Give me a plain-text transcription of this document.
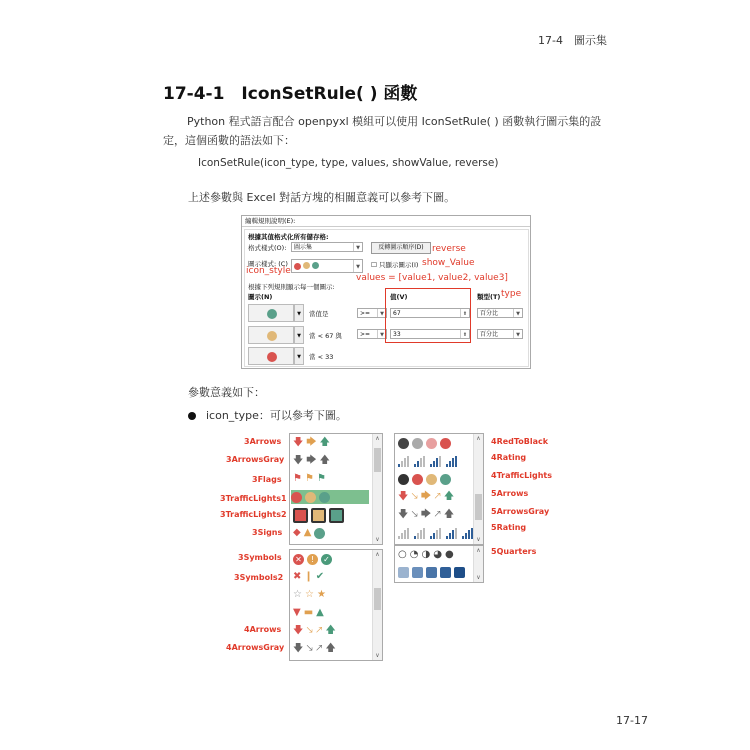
17-4　圖示集
17-4-1　IconSetRule( ) 函數
Python 程式語言配合 openpyxl 模組可以使用 IconSetRule( ) 函數執行圖示集的設定，這個函數的語法如下：
IconSetRule(icon_type, type, values, showValue, reverse)
上述參數與 Excel 對話方塊的相關意義可以參考下圖。
編輯規則說明(E):
根據其值格式化所有儲存格:
格式樣式(O):	圖示集	▼	反轉圖示順序(D)
圖示樣式: (C)	▼	☐ 只顯示圖示(I)
根據下列規則顯示每一個圖示:
圖示(N)	值(V)	類型(T)
▼	當值是	>=	▼	67	⬆	百分比	▼
▼	當 < 67 與	>=	▼	33	⬆	百分比	▼
▼	當 < 33
reverse
show_Value
icon_style
values = [value1, value2, value3]
type
參數意義如下：
icon_type：可以參考下圖。
3Arrows
3ArrowsGray
3Flags
3TrafficLights1
3TrafficLights2
3Signs
3Symbols
3Symbols2
4Arrows
4ArrowsGray
4RedToBlack
4Rating
4TrafficLights
5Arrows
5ArrowsGray
5Rating
5Quarters
🡇 🡆 🡅
🡇 🡆 🡅
⚑ ⚑ ⚑
◆ ▲
∧
∨
✕	!	✓
✖ ❙ ✔
☆ ☆ ★
▼ ▬ ▲
🡇 🡖 🡕 🡅
🡇 🡖 🡕 🡅
∧
∨
🡇 🡖 🡆 🡕 🡅
🡇 🡖 🡆 🡕 🡅
∧
∨
○ ◔ ◑ ◕ ●	∧
∨
17-17
